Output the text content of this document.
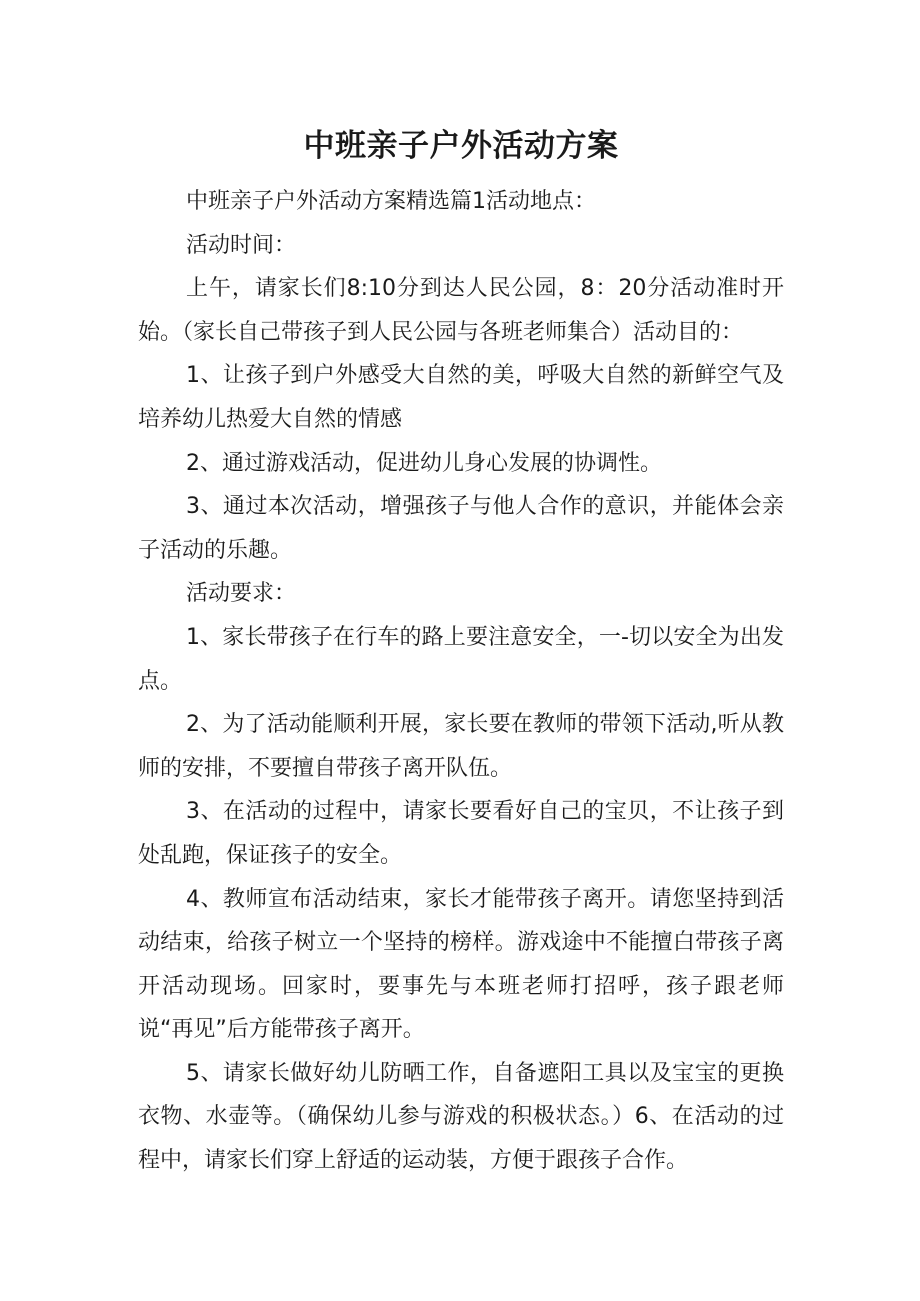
中班亲子户外活动方案

中班亲子户外活动方案精选篇1活动地点：

活动时间：

上午，请家长们8:10分到达人民公园，8：20分活动准时开始。（家长自己带孩子到人民公园与各班老师集合）活动目的：

1、让孩子到户外感受大自然的美，呼吸大自然的新鲜空气及培养幼儿热爱大自然的情感

2、通过游戏活动，促进幼儿身心发展的协调性。

3、通过本次活动，增强孩子与他人合作的意识，并能体会亲子活动的乐趣。

活动要求：

1、家长带孩子在行车的路上要注意安全，一-切以安全为出发点。

2、为了活动能顺利开展，家长要在教师的带领下活动,听从教师的安排，不要擅自带孩子离开队伍。

3、在活动的过程中，请家长要看好自己的宝贝，不让孩子到处乱跑，保证孩子的安全。

4、教师宣布活动结束，家长才能带孩子离开。请您坚持到活动结束，给孩子树立一个坚持的榜样。游戏途中不能擅白带孩子离开活动现场。回家时，要事先与本班老师打招呼，孩子跟老师说“再见”后方能带孩子离开。

5、请家长做好幼儿防晒工作，自备遮阳工具以及宝宝的更换衣物、水壶等。（确保幼儿参与游戏的积极状态。）6、在活动的过程中，请家长们穿上舒适的运动装，方便于跟孩子合作。
